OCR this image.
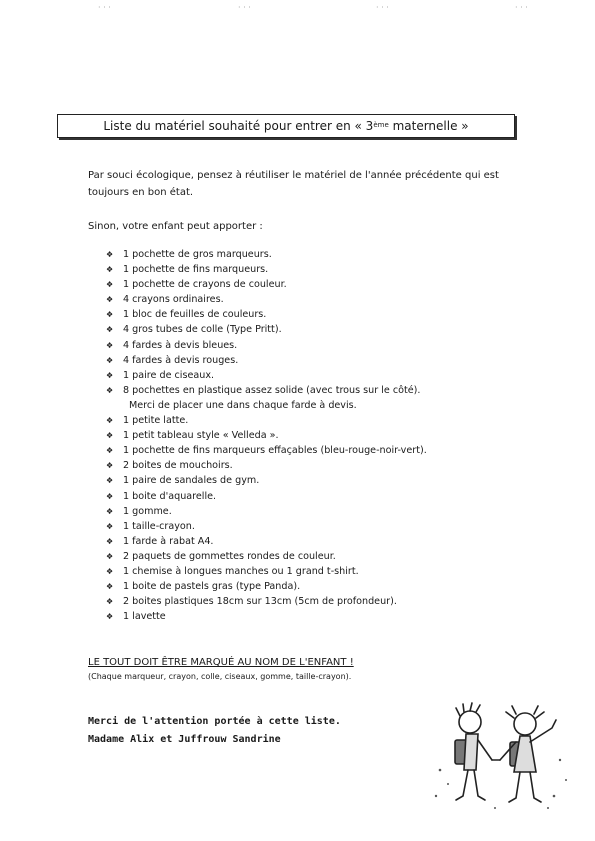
· · ·	· · ·	· · ·	· · ·
Liste du matériel souhaité pour entrer en « 3ème maternelle »
Par souci écologique, pensez à réutiliser le matériel de l'année précédente qui est toujours en bon état.
Sinon, votre enfant peut apporter :
❖	1 pochette de gros marqueurs.
❖	1 pochette de fins marqueurs.
❖	1 pochette de crayons de couleur.
❖	4 crayons ordinaires.
❖	1 bloc de feuilles de couleurs.
❖	4 gros tubes de colle (Type Pritt).
❖	4 fardes à devis bleues.
❖	4 fardes à devis rouges.
❖	1 paire de ciseaux.
❖	8 pochettes en plastique assez solide (avec trous sur le côté).
Merci de placer une dans chaque farde à devis.
❖	1 petite latte.
❖	1 petit tableau style « Velleda ».
❖	1 pochette de fins marqueurs effaçables (bleu-rouge-noir-vert).
❖	2 boites de mouchoirs.
❖	1 paire de sandales de gym.
❖	1 boite d'aquarelle.
❖	1 gomme.
❖	1 taille-crayon.
❖	1 farde à rabat A4.
❖	2 paquets de gommettes rondes de couleur.
❖	1 chemise à longues manches ou 1 grand t-shirt.
❖	1 boite de pastels gras (type Panda).
❖	2 boites plastiques 18cm sur 13cm (5cm de profondeur).
❖	1 lavette
LE TOUT DOIT ÊTRE MARQUÉ AU NOM DE L'ENFANT !
(Chaque marqueur, crayon, colle, ciseaux, gomme, taille-crayon).
Merci de l'attention portée à cette liste.
Madame Alix et Juffrouw Sandrine
